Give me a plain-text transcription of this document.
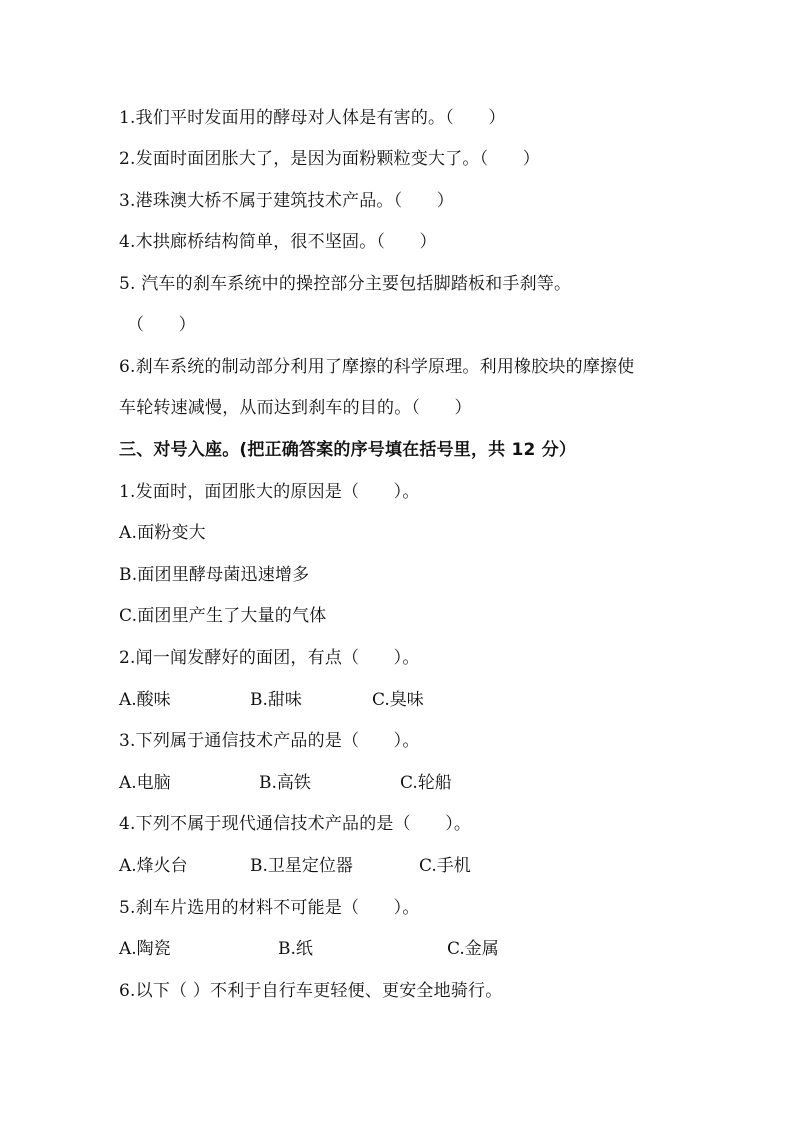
1.我们平时发面用的酵母对人体是有害的。（　　）
2.发面时面团胀大了，是因为面粉颗粒变大了。（　　）
3.港珠澳大桥不属于建筑技术产品。（　　）
4.木拱廊桥结构简单，很不坚固。（　　）
5. 汽车的刹车系统中的操控部分主要包括脚踏板和手刹等。
（　　）
6.刹车系统的制动部分利用了摩擦的科学原理。利用橡胶块的摩擦使
车轮转速减慢，从而达到刹车的目的。（　　）
三、对号入座。(把正确答案的序号填在括号里，共 12 分）
1.发面时，面团胀大的原因是（　　）。
A.面粉变大
B.面团里酵母菌迅速增多
C.面团里产生了大量的气体
2.闻一闻发酵好的面团，有点（　　）。

A.酸味

	B.甜味

	C.臭味

3.下列属于通信技术产品的是（　　）。

A.电脑

	B.高铁

	C.轮船

4.下列不属于现代通信技术产品的是（　　）。

A.烽火台

	B.卫星定位器

	C.手机

5.刹车片选用的材料不可能是（　　）。

A.陶瓷

	B.纸

	C.金属

6.以下（ ）不利于自行车更轻便、更安全地骑行。
